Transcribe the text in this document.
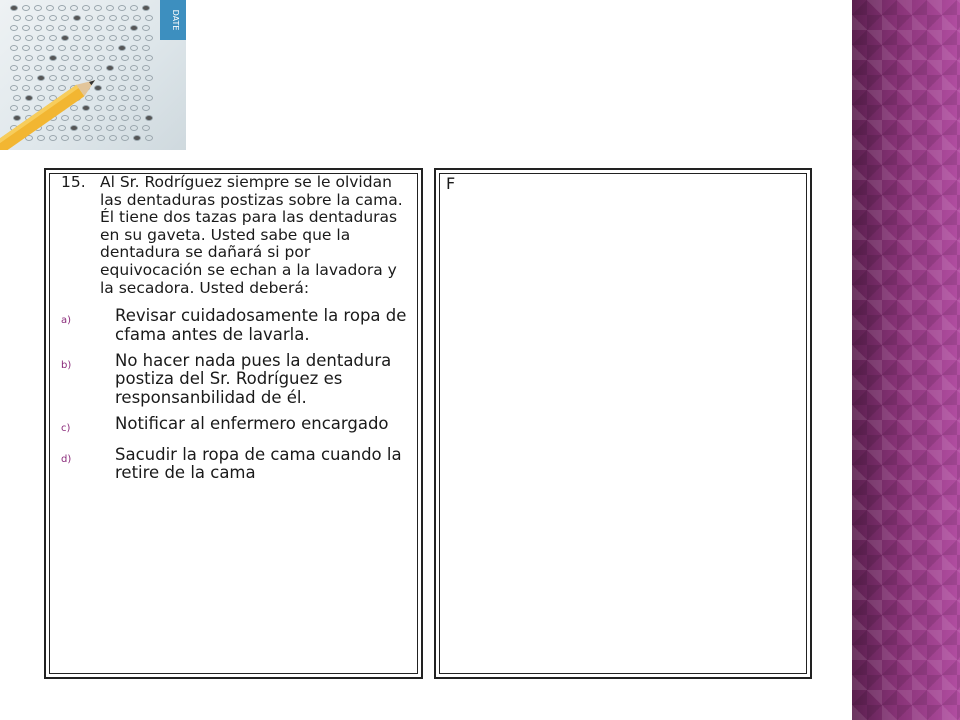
DATE
15. Al Sr. Rodríguez siempre se le olvidan las dentaduras postizas sobre la cama. Él tiene dos tazas para las dentaduras en su gaveta. Usted sabe que la dentadura se dañará si por equivocación se echan a la lavadora y la secadora. Usted deberá:
a)	Revisar cuidadosamente la ropa de cfama antes de lavarla.
b)	No hacer nada pues la dentadura postiza del Sr. Rodríguez es responsanbilidad de él.
c)	Notificar al enfermero encargado
d)	Sacudir la ropa de cama cuando la retire de la cama
F
